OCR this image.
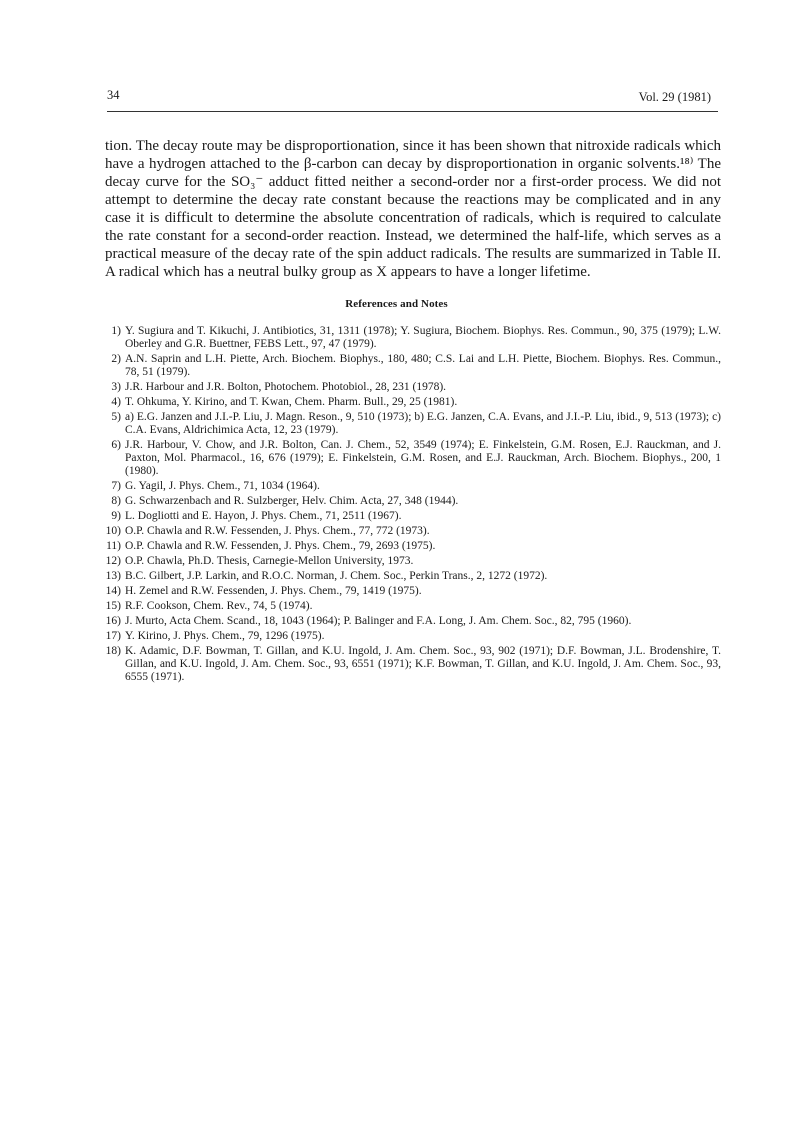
34	Vol. 29 (1981)

tion. The decay route may be disproportionation, since it has been shown that nitroxide radicals which have a hydrogen attached to the β-carbon can decay by disproportionation in organic solvents.¹⁸⁾ The decay curve for the SO₃⁻ adduct fitted neither a second-order nor a first-order process. We did not attempt to determine the decay rate constant because the reactions may be complicated and in any case it is difficult to determine the absolute concentration of radicals, which is required to calculate the rate constant for a second-order reaction. Instead, we determined the half-life, which serves as a practical measure of the decay rate of the spin adduct radicals. The results are summarized in Table II. A radical which has a neutral bulky group as X appears to have a longer lifetime.

References and Notes
1 ) Y. Sugiura and T. Kikuchi, J. Antibiotics, 31, 1311 (1978); Y. Sugiura, Biochem. Biophys. Res. Commun., 90, 375 (1979); L.W. Oberley and G.R. Buettner, FEBS Lett., 97, 47 (1979).
2 ) A.N. Saprin and L.H. Piette, Arch. Biochem. Biophys., 180, 480; C.S. Lai and L.H. Piette, Biochem. Biophys. Res. Commun., 78, 51 (1979).
3 ) J.R. Harbour and J.R. Bolton, Photochem. Photobiol., 28, 231 (1978).
4 ) T. Ohkuma, Y. Kirino, and T. Kwan, Chem. Pharm. Bull., 29, 25 (1981).
5 ) a) E.G. Janzen and J.I.-P. Liu, J. Magn. Reson., 9, 510 (1973); b) E.G. Janzen, C.A. Evans, and J.I.-P. Liu, ibid., 9, 513 (1973); c) C.A. Evans, Aldrichimica Acta, 12, 23 (1979).
6 ) J.R. Harbour, V. Chow, and J.R. Bolton, Can. J. Chem., 52, 3549 (1974); E. Finkelstein, G.M. Rosen, E.J. Rauckman, and J. Paxton, Mol. Pharmacol., 16, 676 (1979); E. Finkelstein, G.M. Rosen, and E.J. Rauckman, Arch. Biochem. Biophys., 200, 1 (1980).
7 ) G. Yagil, J. Phys. Chem., 71, 1034 (1964).
8 ) G. Schwarzenbach and R. Sulzberger, Helv. Chim. Acta, 27, 348 (1944).
9 ) L. Dogliotti and E. Hayon, J. Phys. Chem., 71, 2511 (1967).
10 ) O.P. Chawla and R.W. Fessenden, J. Phys. Chem., 77, 772 (1973).
11 ) O.P. Chawla and R.W. Fessenden, J. Phys. Chem., 79, 2693 (1975).
12 ) O.P. Chawla, Ph.D. Thesis, Carnegie-Mellon University, 1973.
13 ) B.C. Gilbert, J.P. Larkin, and R.O.C. Norman, J. Chem. Soc., Perkin Trans., 2, 1272 (1972).
14 ) H. Zemel and R.W. Fessenden, J. Phys. Chem., 79, 1419 (1975).
15 ) R.F. Cookson, Chem. Rev., 74, 5 (1974).
16 ) J. Murto, Acta Chem. Scand., 18, 1043 (1964); P. Balinger and F.A. Long, J. Am. Chem. Soc., 82, 795 (1960).
17 ) Y. Kirino, J. Phys. Chem., 79, 1296 (1975).
18 ) K. Adamic, D.F. Bowman, T. Gillan, and K.U. Ingold, J. Am. Chem. Soc., 93, 902 (1971); D.F. Bowman, J.L. Brodenshire, T. Gillan, and K.U. Ingold, J. Am. Chem. Soc., 93, 6551 (1971); K.F. Bowman, T. Gillan, and K.U. Ingold, J. Am. Chem. Soc., 93, 6555 (1971).
